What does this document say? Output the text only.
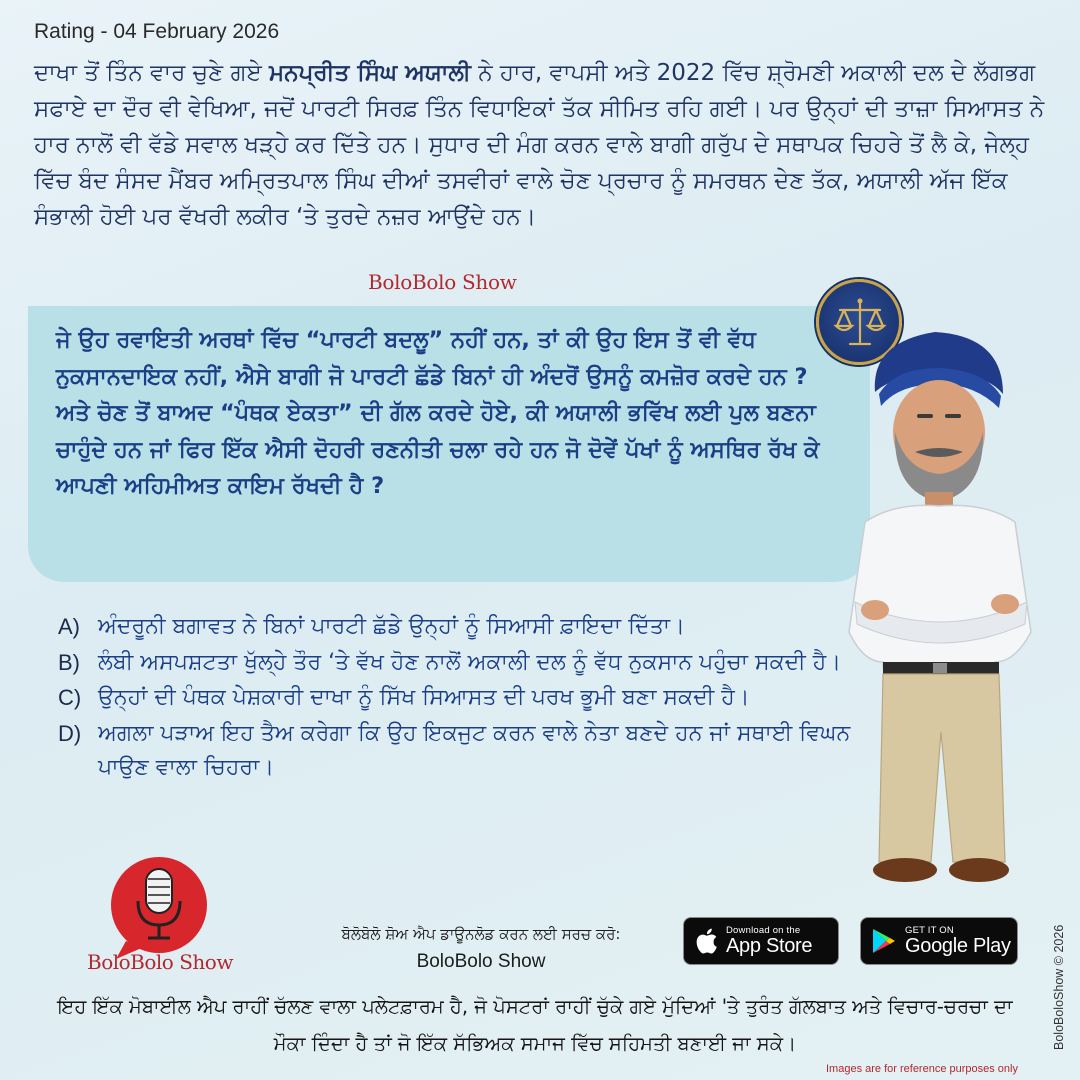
Rating - 04 February 2026
ਦਾਖਾ ਤੋਂ ਤਿੰਨ ਵਾਰ ਚੁਣੇ ਗਏ ਮਨਪ੍ਰੀਤ ਸਿੰਘ ਅਯਾਲੀ ਨੇ ਹਾਰ, ਵਾਪਸੀ ਅਤੇ 2022 ਵਿੱਚ ਸ਼੍ਰੋਮਣੀ ਅਕਾਲੀ ਦਲ ਦੇ ਲੱਗਭਗ ਸਫਾਏ ਦਾ ਦੌਰ ਵੀ ਵੇਖਿਆ, ਜਦੋਂ ਪਾਰਟੀ ਸਿਰਫ਼ ਤਿੰਨ ਵਿਧਾਇਕਾਂ ਤੱਕ ਸੀਮਿਤ ਰਹਿ ਗਈ। ਪਰ ਉਨ੍ਹਾਂ ਦੀ ਤਾਜ਼ਾ ਸਿਆਸਤ ਨੇ ਹਾਰ ਨਾਲੋਂ ਵੀ ਵੱਡੇ ਸਵਾਲ ਖੜ੍ਹੇ ਕਰ ਦਿੱਤੇ ਹਨ। ਸੁਧਾਰ ਦੀ ਮੰਗ ਕਰਨ ਵਾਲੇ ਬਾਗੀ ਗਰੁੱਪ ਦੇ ਸਥਾਪਕ ਚਿਹਰੇ ਤੋਂ ਲੈ ਕੇ, ਜੇਲ੍ਹ ਵਿੱਚ ਬੰਦ ਸੰਸਦ ਮੈਂਬਰ ਅਮ੍ਰਿਤਪਾਲ ਸਿੰਘ ਦੀਆਂ ਤਸਵੀਰਾਂ ਵਾਲੇ ਚੋਣ ਪ੍ਰਚਾਰ ਨੂੰ ਸਮਰਥਨ ਦੇਣ ਤੱਕ, ਅਯਾਲੀ ਅੱਜ ਇੱਕ ਸੰਭਾਲੀ ਹੋਈ ਪਰ ਵੱਖਰੀ ਲਕੀਰ ‘ਤੇ ਤੁਰਦੇ ਨਜ਼ਰ ਆਉਂਦੇ ਹਨ।
BoloBolo Show

ਜੇ ਉਹ ਰਵਾਇਤੀ ਅਰਥਾਂ ਵਿੱਚ “ਪਾਰਟੀ ਬਦਲੂ” ਨਹੀਂ ਹਨ, ਤਾਂ ਕੀ ਉਹ ਇਸ ਤੋਂ ਵੀ ਵੱਧ ਨੁਕਸਾਨਦਾਇਕ ਨਹੀਂ, ਐਸੇ ਬਾਗੀ ਜੋ ਪਾਰਟੀ ਛੱਡੇ ਬਿਨਾਂ ਹੀ ਅੰਦਰੋਂ ਉਸਨੂੰ ਕਮਜ਼ੋਰ ਕਰਦੇ ਹਨ ?

ਅਤੇ ਚੋਣ ਤੋਂ ਬਾਅਦ “ਪੰਥਕ ਏਕਤਾ” ਦੀ ਗੱਲ ਕਰਦੇ ਹੋਏ, ਕੀ ਅਯਾਲੀ ਭਵਿੱਖ ਲਈ ਪੁਲ ਬਣਨਾ ਚਾਹੁੰਦੇ ਹਨ ਜਾਂ ਫਿਰ ਇੱਕ ਐਸੀ ਦੋਹਰੀ ਰਣਨੀਤੀ ਚਲਾ ਰਹੇ ਹਨ ਜੋ ਦੋਵੇਂ ਪੱਖਾਂ ਨੂੰ ਅਸਥਿਰ ਰੱਖ ਕੇ ਆਪਣੀ ਅਹਿਮੀਅਤ ਕਾਇਮ ਰੱਖਦੀ ਹੈ ?

A) ਅੰਦਰੂਨੀ ਬਗਾਵਤ ਨੇ ਬਿਨਾਂ ਪਾਰਟੀ ਛੱਡੇ ਉਨ੍ਹਾਂ ਨੂੰ ਸਿਆਸੀ ਫ਼ਾਇਦਾ ਦਿੱਤਾ।
B) ਲੰਬੀ ਅਸਪਸ਼ਟਤਾ ਖੁੱਲ੍ਹੇ ਤੌਰ ‘ਤੇ ਵੱਖ ਹੋਣ ਨਾਲੋਂ ਅਕਾਲੀ ਦਲ ਨੂੰ ਵੱਧ ਨੁਕਸਾਨ ਪਹੁੰਚਾ ਸਕਦੀ ਹੈ।
C) ਉਨ੍ਹਾਂ ਦੀ ਪੰਥਕ ਪੇਸ਼ਕਾਰੀ ਦਾਖਾ ਨੂੰ ਸਿੱਖ ਸਿਆਸਤ ਦੀ ਪਰਖ ਭੂਮੀ ਬਣਾ ਸਕਦੀ ਹੈ।
D) ਅਗਲਾ ਪੜਾਅ ਇਹ ਤੈਅ ਕਰੇਗਾ ਕਿ ਉਹ ਇਕਜੁਟ ਕਰਨ ਵਾਲੇ ਨੇਤਾ ਬਣਦੇ ਹਨ ਜਾਂ ਸਥਾਈ ਵਿਘਨ ਪਾਉਣ ਵਾਲਾ ਚਿਹਰਾ।
BoloBolo Show
ਬੋਲੋਬੋਲੋ ਸ਼ੋਅ ਐਪ ਡਾਊਨਲੋਡ ਕਰਨ ਲਈ ਸਰਚ ਕਰੋ:
BoloBolo Show
Download on the
App Store
GET IT ON
Google Play	BoloBoloShow © 2026
ਇਹ ਇੱਕ ਮੋਬਾਈਲ ਐਪ ਰਾਹੀਂ ਚੱਲਣ ਵਾਲਾ ਪਲੇਟਫ਼ਾਰਮ ਹੈ, ਜੋ ਪੋਸਟਰਾਂ ਰਾਹੀਂ ਚੁੱਕੇ ਗਏ ਮੁੱਦਿਆਂ 'ਤੇ ਤੁਰੰਤ ਗੱਲਬਾਤ ਅਤੇ ਵਿਚਾਰ-ਚਰਚਾ ਦਾ ਮੌਕਾ ਦਿੰਦਾ ਹੈ ਤਾਂ ਜੋ ਇੱਕ ਸੱਭਿਅਕ ਸਮਾਜ ਵਿੱਚ ਸਹਿਮਤੀ ਬਣਾਈ ਜਾ ਸਕੇ।
Images are for reference purposes only
